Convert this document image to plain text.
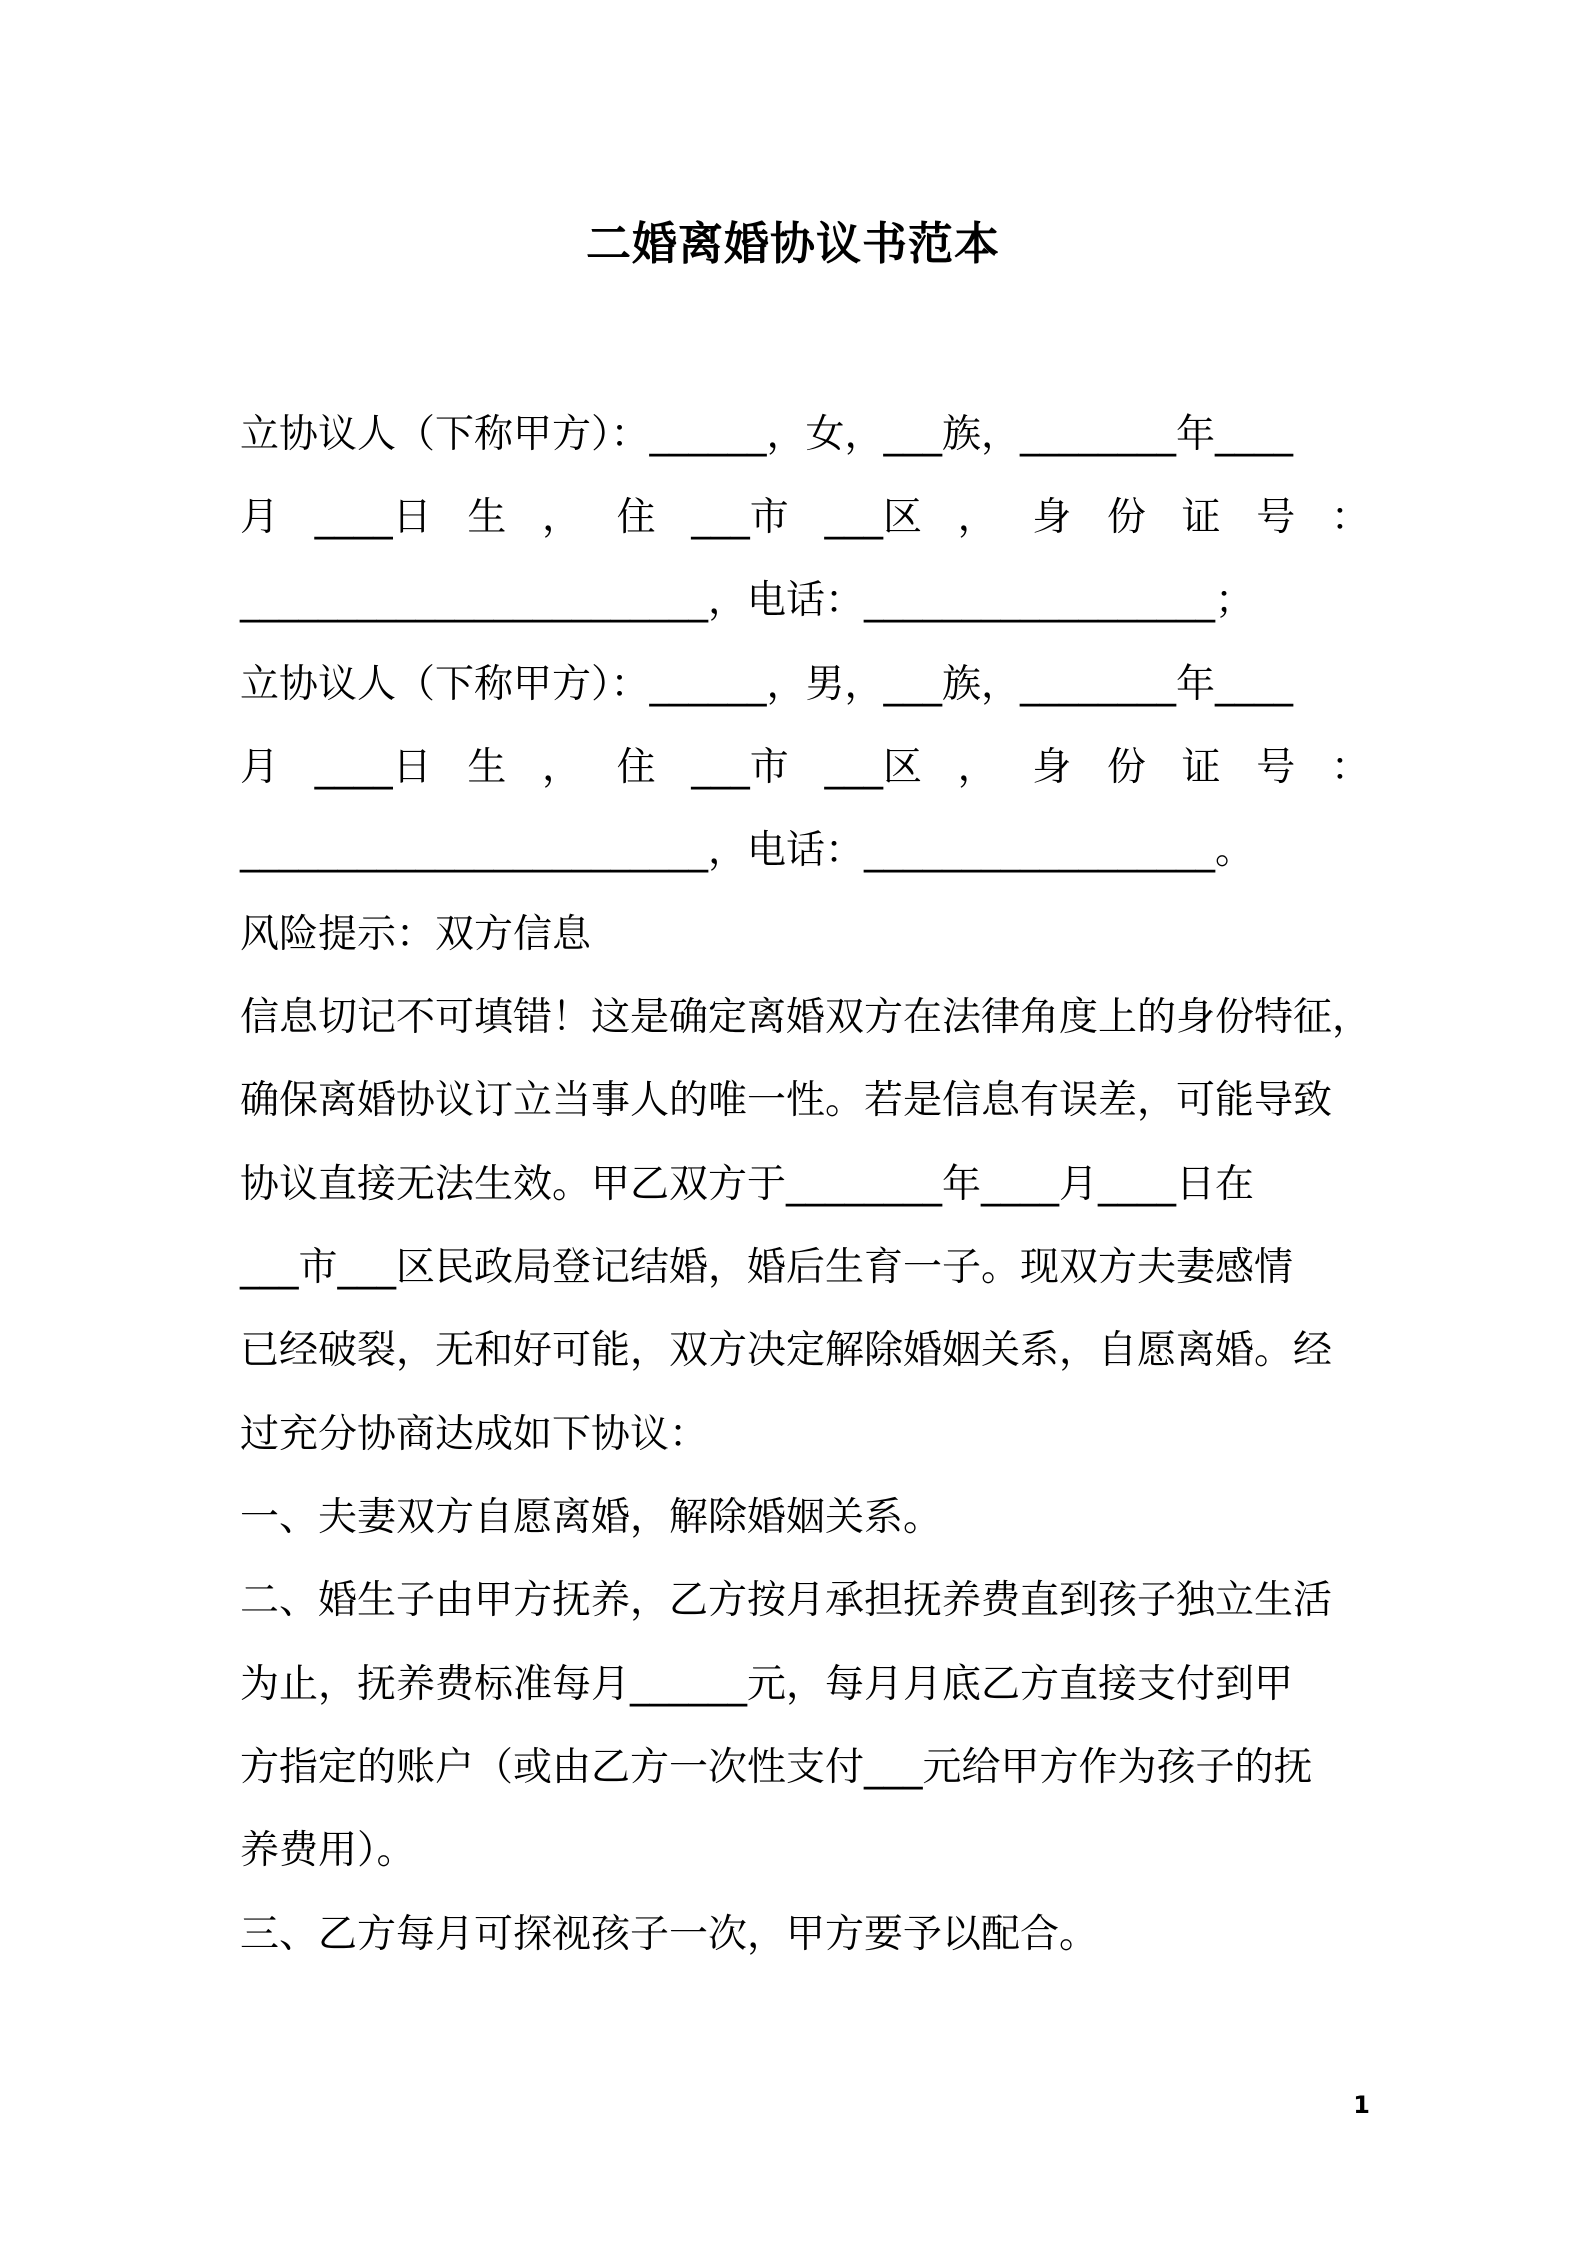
二婚离婚协议书范本
立协议人（下称甲方）：______，女，___族，________年____
月 ____日 生 ， 住 ___市 ___区 ， 身 份 证 号 ：
________________________，电话：__________________；
立协议人（下称甲方）：______，男，___族，________年____
月 ____日 生 ， 住 ___市 ___区 ， 身 份 证 号 ：
________________________，电话：__________________。
风险提示：双方信息
信息切记不可填错！这是确定离婚双方在法律角度上的身份特征，
确保离婚协议订立当事人的唯一性。若是信息有误差，可能导致
协议直接无法生效。甲乙双方于________年____月____日在
___市___区民政局登记结婚，婚后生育一子。现双方夫妻感情
已经破裂，无和好可能，双方决定解除婚姻关系，自愿离婚。经
过充分协商达成如下协议：
一、夫妻双方自愿离婚，解除婚姻关系。
二、婚生子由甲方抚养，乙方按月承担抚养费直到孩子独立生活
为止，抚养费标准每月______元，每月月底乙方直接支付到甲
方指定的账户（或由乙方一次性支付___元给甲方作为孩子的抚
养费用）。
三、乙方每月可探视孩子一次，甲方要予以配合。
1
